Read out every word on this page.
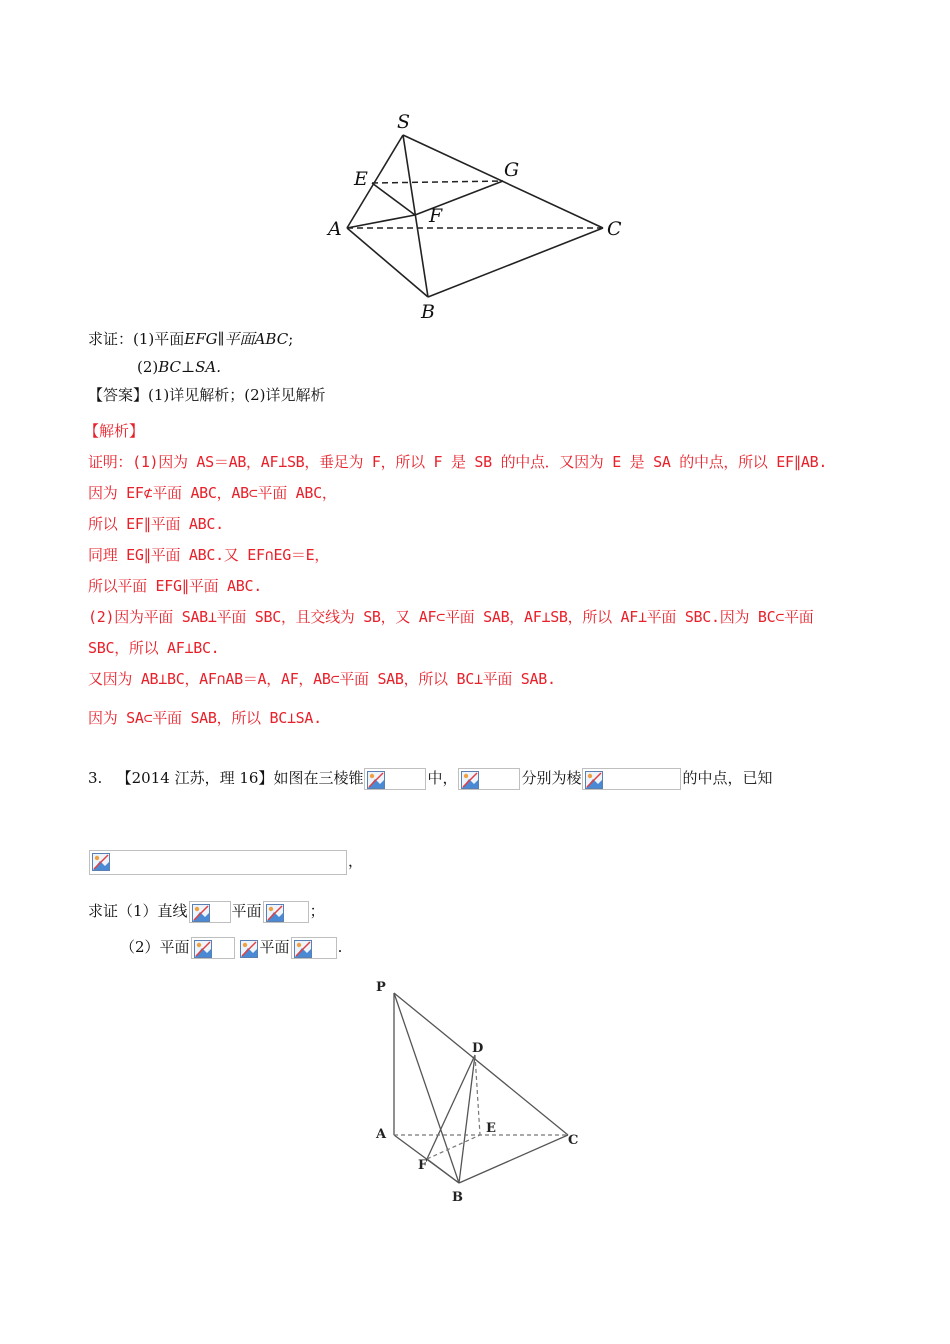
S
E	G
A
F
C
B
求证：(1)平面EFG∥平面ABC;
(2)BC⊥SA.
【答案】(1)详见解析；(2)详见解析
【解析】
证明：(1)因为 AS＝AB，AF⊥SB，垂足为 F，所以 F 是 SB 的中点．又因为 E 是 SA 的中点，所以 EF∥AB.
因为 EF⊄平面 ABC，AB⊂平面 ABC，
所以 EF∥平面 ABC.
同理 EG∥平面 ABC.又 EF∩EG＝E，
所以平面 EFG∥平面 ABC.
(2)因为平面 SAB⊥平面 SBC，且交线为 SB，又 AF⊂平面 SAB，AF⊥SB，所以 AF⊥平面 SBC.因为 BC⊂平面
SBC，所以 AF⊥BC.
又因为 AB⊥BC，AF∩AB＝A，AF，AB⊂平面 SAB，所以 BC⊥平面 SAB.
因为 SA⊂平面 SAB，所以 BC⊥SA.
3. 【2014 江苏，理 16】如图在三棱锥	中，	分别为棱	的中点，已知
，
求证（1）直线	平面	；
（2）平面	平面	.
P
D
A	E
C
F
B
